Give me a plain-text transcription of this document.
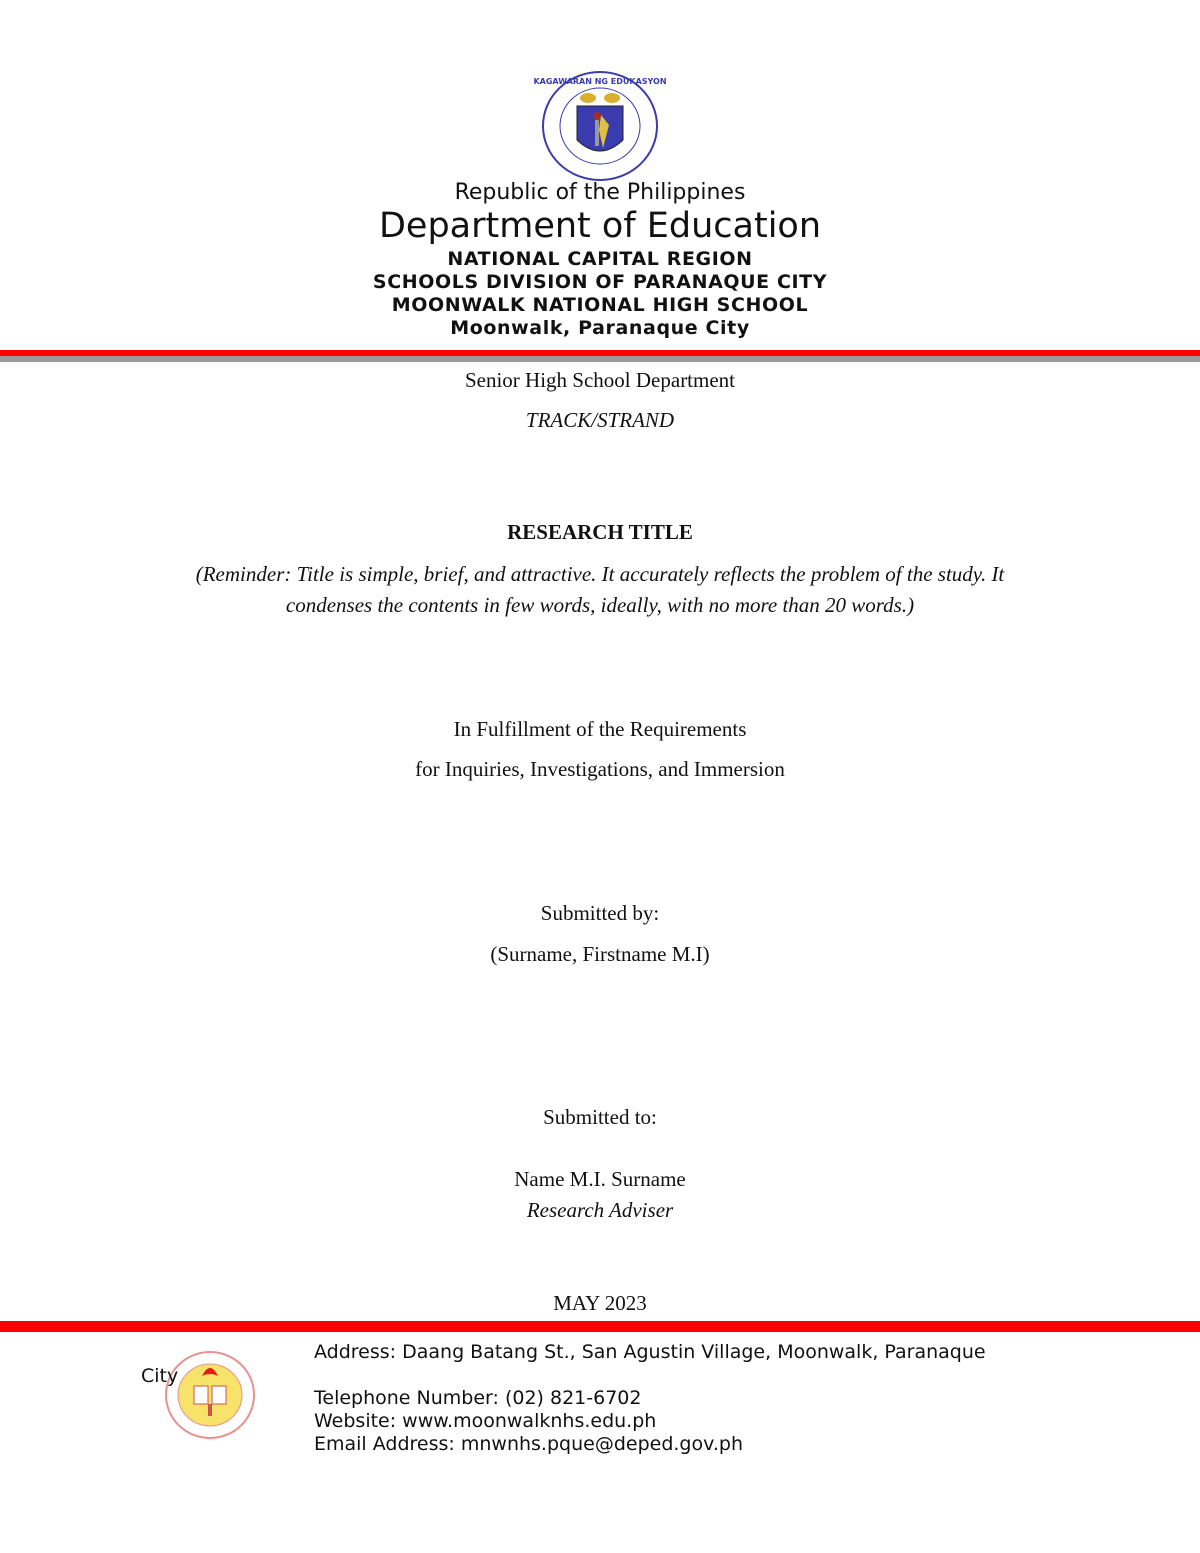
KAGAWARAN NG EDUKASYON
Republic of the Philippines
Department of Education
NATIONAL CAPITAL REGION
SCHOOLS DIVISION OF PARANAQUE CITY
MOONWALK NATIONAL HIGH SCHOOL
Moonwalk, Paranaque City
Senior High School Department
TRACK/STRAND
RESEARCH TITLE
(Reminder: Title is simple, brief, and attractive. It accurately reflects the problem of the study. It
condenses the contents in few words, ideally, with no more than 20 words.)
In Fulfillment of the Requirements
for Inquiries, Investigations, and Immersion
Submitted by:
(Surname, Firstname M.I)
Submitted to:
Name M.I. Surname
Research Adviser
MAY 2023
City
Address: Daang Batang St., San Agustin Village, Moonwalk, Paranaque
Telephone Number: (02) 821-6702
Website: www.moonwalknhs.edu.ph
Email Address: mnwnhs.pque@deped.gov.ph
